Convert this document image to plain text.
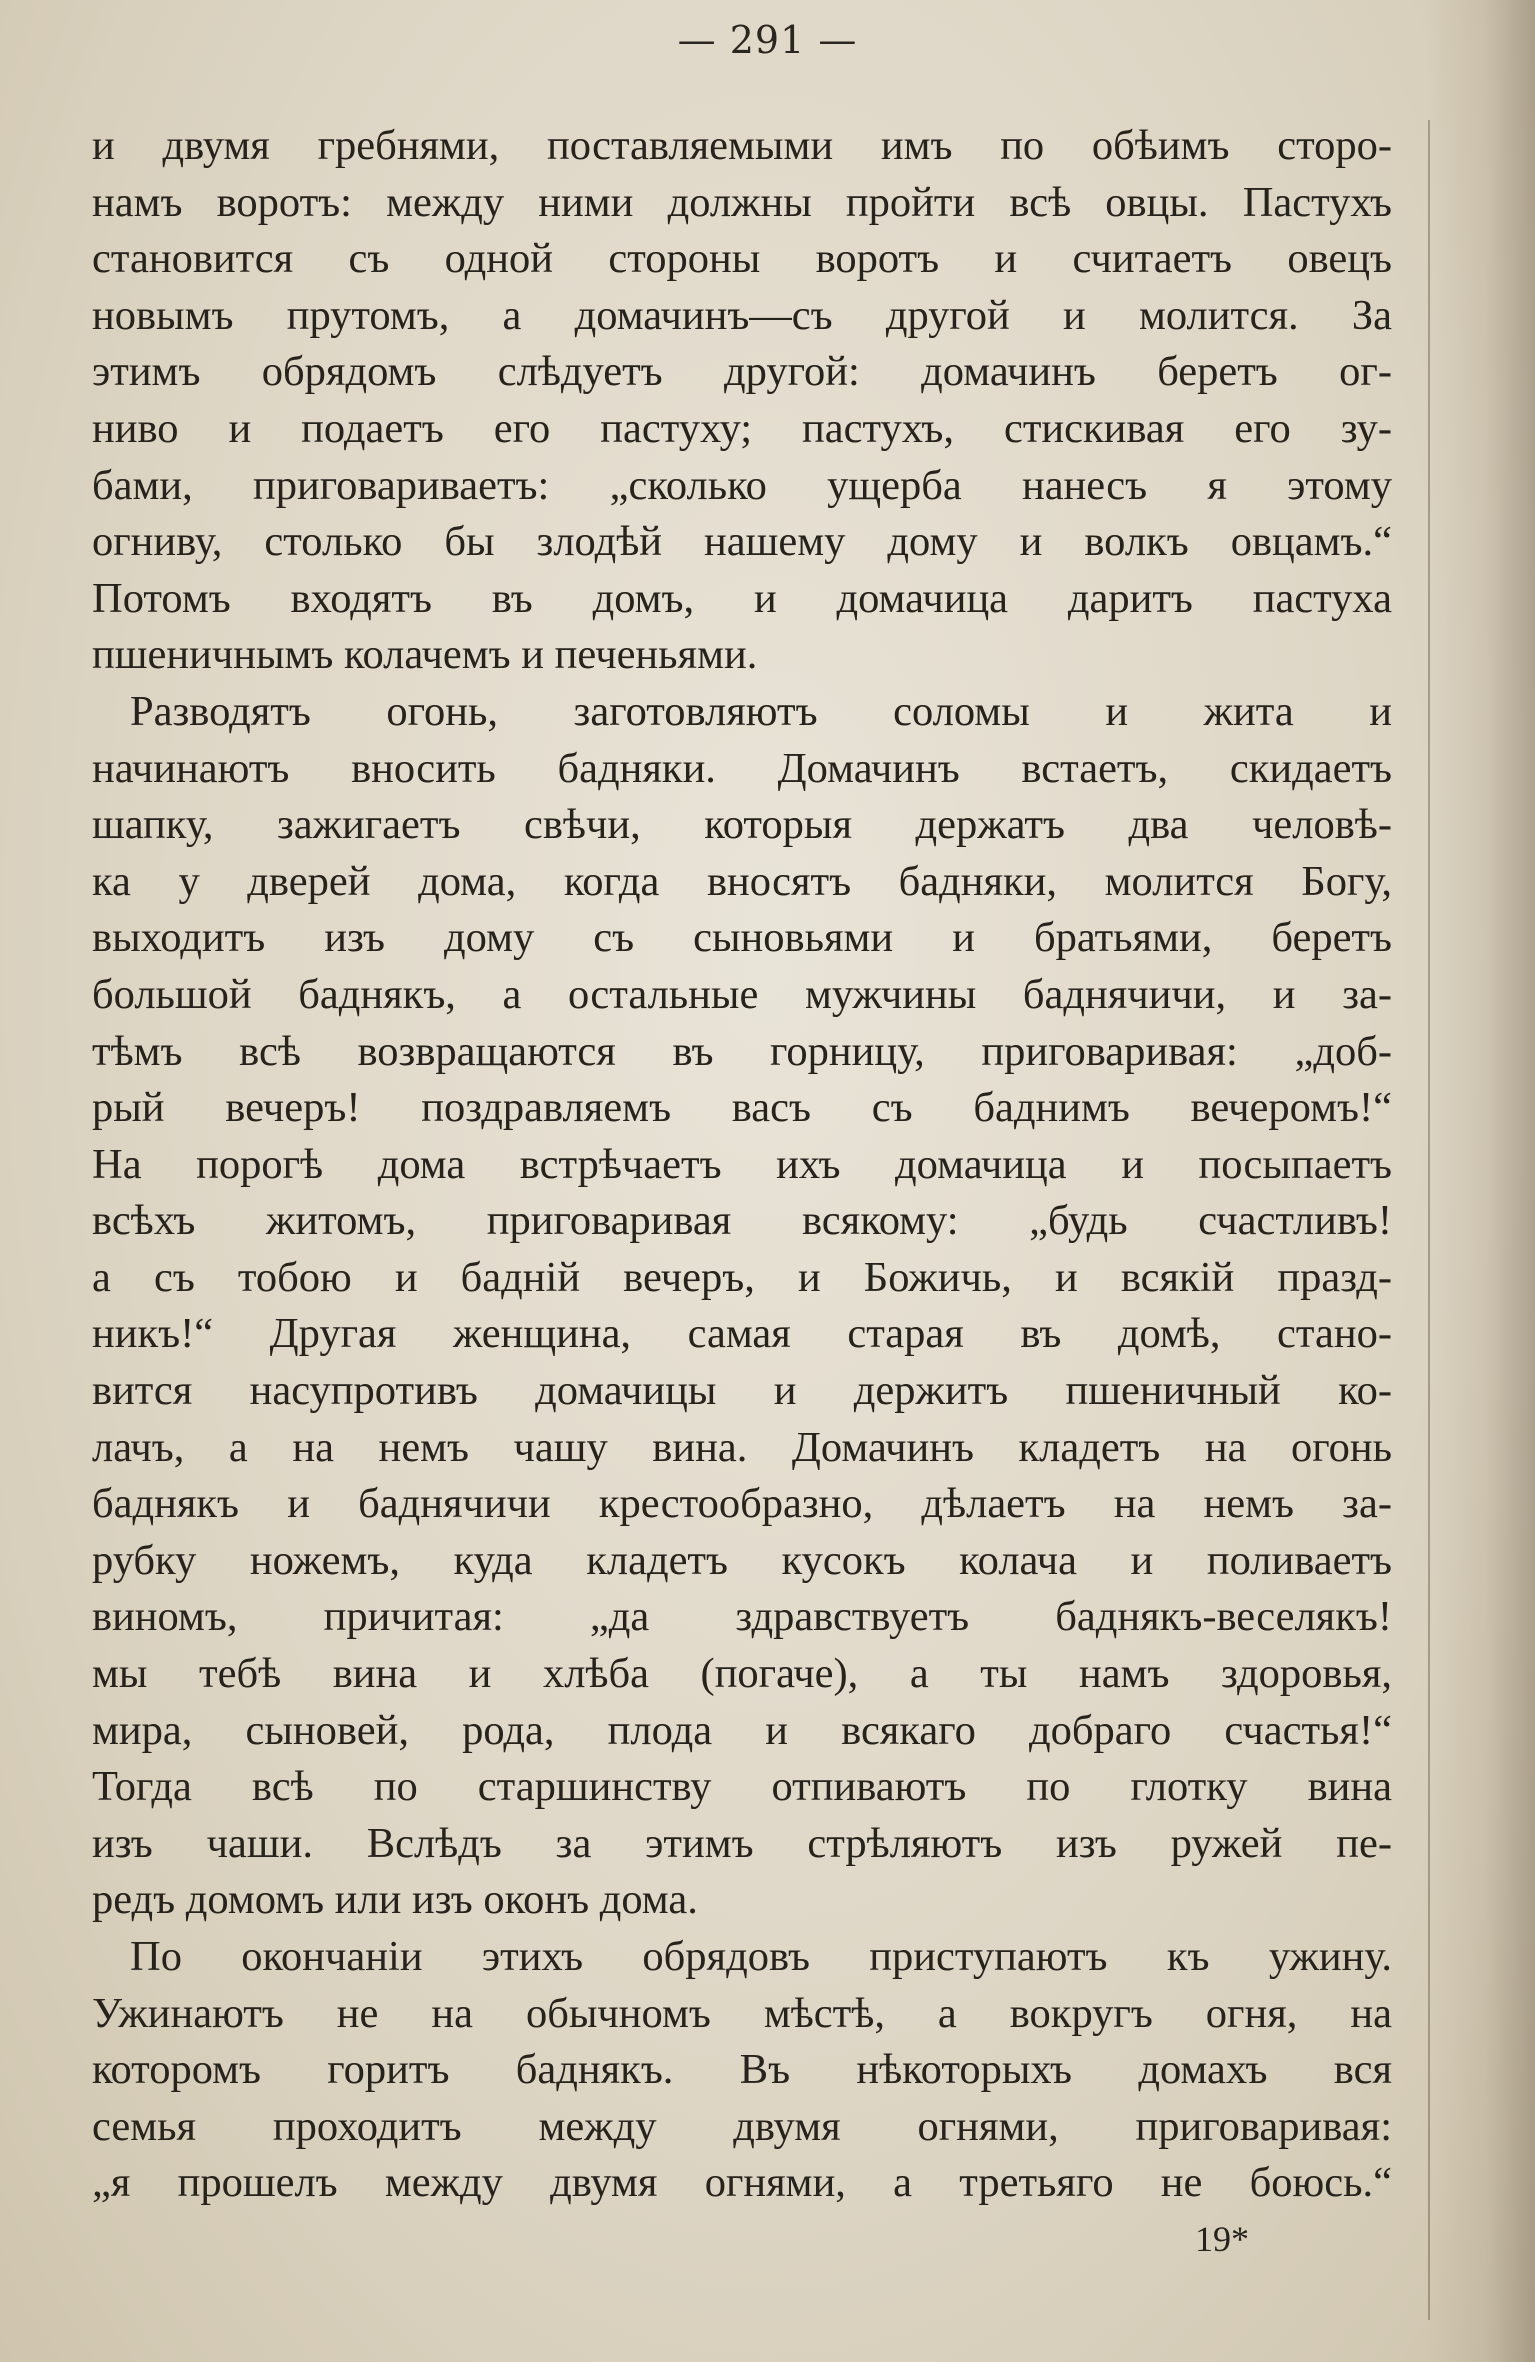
— 291 —
и двумя гребнями, поставляемыми имъ по обѣимъ сторо-
намъ воротъ: между ними должны пройти всѣ овцы. Пастухъ
становится съ одной стороны воротъ и считаетъ овецъ
новымъ прутомъ, а домачинъ—съ другой и молится. За
этимъ обрядомъ слѣдуетъ другой: домачинъ беретъ ог-
ниво и подаетъ его пастуху; пастухъ, стискивая его зу-
бами, приговариваетъ: „сколько ущерба нанесъ я этому
огниву, столько бы злодѣй нашему дому и волкъ овцамъ.“
Потомъ входятъ въ домъ, и домачица даритъ пастуха
пшеничнымъ колачемъ и печеньями.
Разводятъ огонь, заготовляютъ соломы и жита и
начинаютъ вносить бадняки. Домачинъ встаетъ, скидаетъ
шапку, зажигаетъ свѣчи, которыя держатъ два человѣ-
ка у дверей дома, когда вносятъ бадняки, молится Богу,
выходитъ изъ дому съ сыновьями и братьями, беретъ
большой баднякъ, а остальные мужчины баднячичи, и за-
тѣмъ всѣ возвращаются въ горницу, приговаривая: „доб-
рый вечеръ! поздравляемъ васъ съ баднимъ вечеромъ!“
На порогѣ дома встрѣчаетъ ихъ домачица и посыпаетъ
всѣхъ житомъ, приговаривая всякому: „будь счастливъ!
а съ тобою и бадній вечеръ, и Божичь, и всякій празд-
никъ!“ Другая женщина, самая старая въ домѣ, стано-
вится насупротивъ домачицы и держитъ пшеничный ко-
лачъ, а на немъ чашу вина. Домачинъ кладетъ на огонь
баднякъ и баднячичи крестообразно, дѣлаетъ на немъ за-
рубку ножемъ, куда кладетъ кусокъ колача и поливаетъ
виномъ, причитая: „да здравствуетъ баднякъ-веселякъ!
мы тебѣ вина и хлѣба (погаче), а ты намъ здоровья,
мира, сыновей, рода, плода и всякаго добраго счастья!“
Тогда всѣ по старшинству отпиваютъ по глотку вина
изъ чаши. Вслѣдъ за этимъ стрѣляютъ изъ ружей пе-
редъ домомъ или изъ оконъ дома.
По окончаніи этихъ обрядовъ приступаютъ къ ужину.
Ужинаютъ не на обычномъ мѣстѣ, а вокругъ огня, на
которомъ горитъ баднякъ. Въ нѣкоторыхъ домахъ вся
семья проходитъ между двумя огнями, приговаривая:
„я прошелъ между двумя огнями, а третьяго не боюсь.“
19*
